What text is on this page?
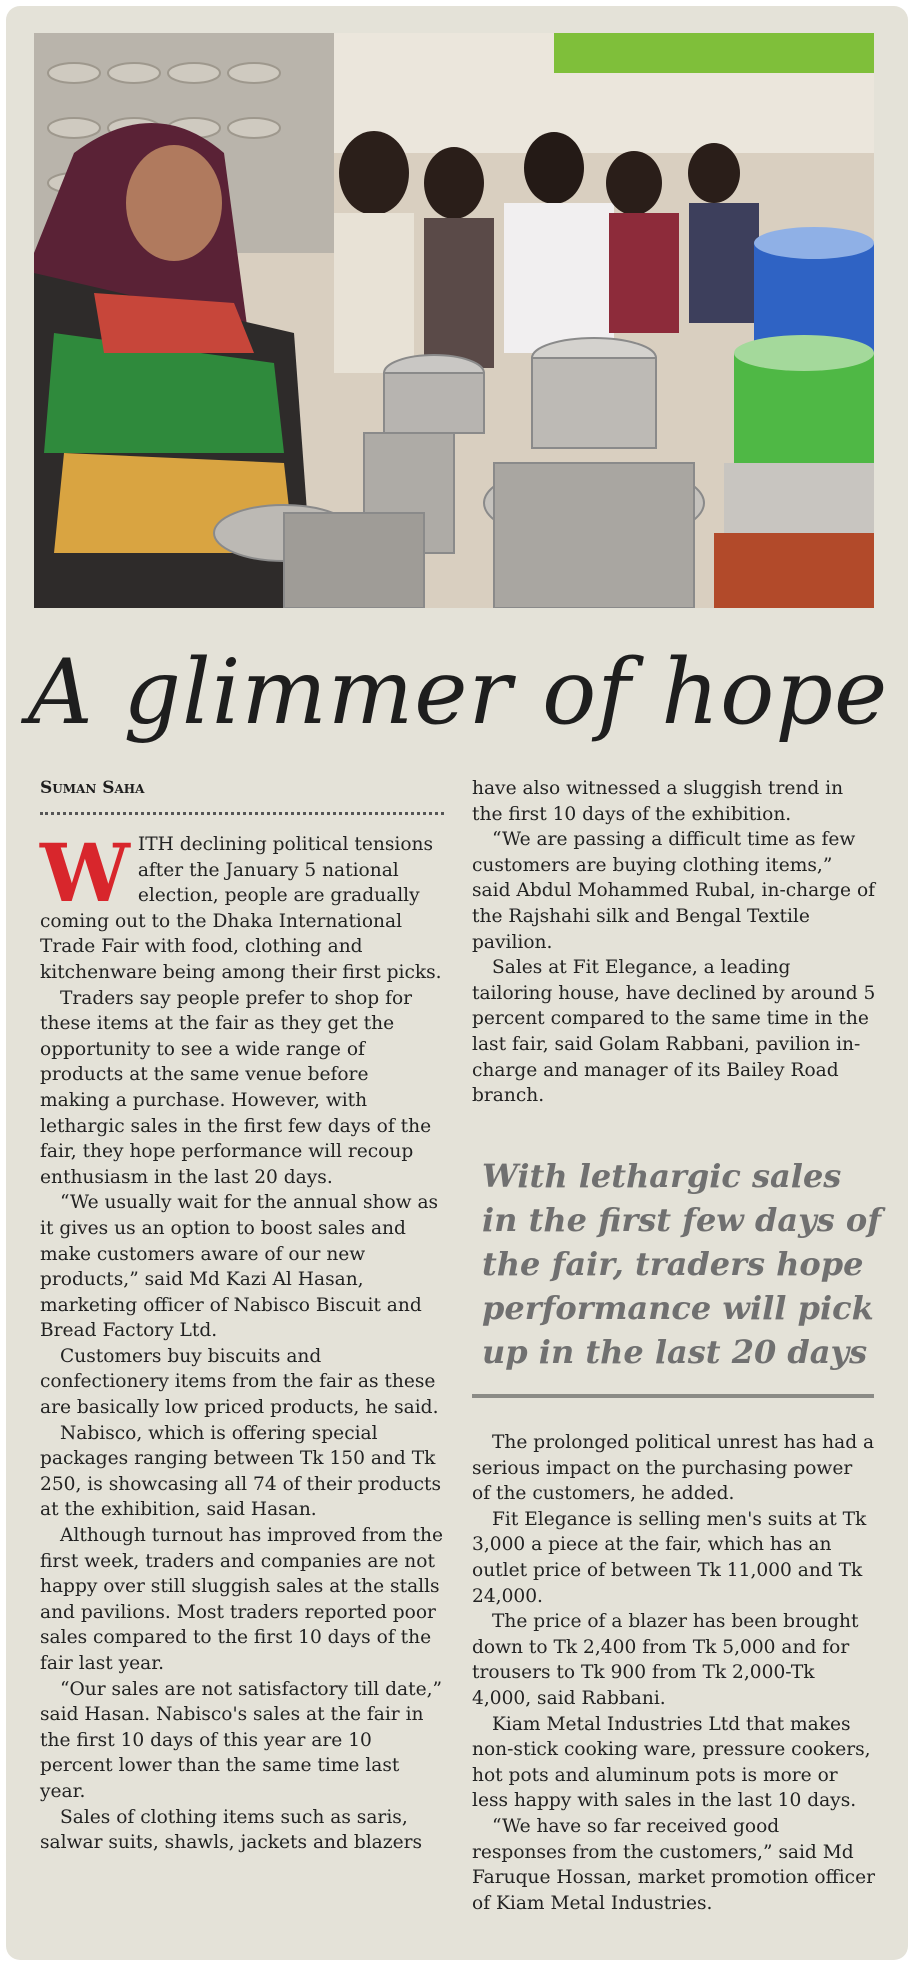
A glimmer of hope
Suman Saha

WITH declining political tensions after the January 5 national election, people are gradually coming out to the Dhaka International Trade Fair with food, clothing and kitchenware being among their first picks.

Traders say people prefer to shop for these items at the fair as they get the opportunity to see a wide range of products at the same venue before making a purchase. However, with lethargic sales in the first few days of the fair, they hope performance will recoup enthusiasm in the last 20 days.

“We usually wait for the annual show as it gives us an option to boost sales and make customers aware of our new products,” said Md Kazi Al Hasan, marketing officer of Nabisco Biscuit and Bread Factory Ltd.

Customers buy biscuits and confectionery items from the fair as these are basically low priced products, he said.

Nabisco, which is offering special packages ranging between Tk 150 and Tk 250, is showcasing all 74 of their products at the exhibition, said Hasan.

Although turnout has improved from the first week, traders and companies are not happy over still sluggish sales at the stalls and pavilions. Most traders reported poor sales compared to the first 10 days of the fair last year.

“Our sales are not satisfactory till date,” said Hasan. Nabisco's sales at the fair in the first 10 days of this year are 10 percent lower than the same time last year.

Sales of clothing items such as saris, salwar suits, shawls, jackets and blazers

have also witnessed a sluggish trend in the first 10 days of the exhibition.

“We are passing a difficult time as few customers are buying clothing items,” said Abdul Mohammed Rubal, in-charge of the Rajshahi silk and Bengal Textile pavilion.

Sales at Fit Elegance, a leading tailoring house, have declined by around 5 percent compared to the same time in the last fair, said Golam Rabbani, pavilion in-charge and manager of its Bailey Road branch.

With lethargic sales in the first few days of the fair, traders hope performance will pick up in the last 20 days

The prolonged political unrest has had a serious impact on the purchasing power of the customers, he added.

Fit Elegance is selling men's suits at Tk 3,000 a piece at the fair, which has an outlet price of between Tk 11,000 and Tk 24,000.

The price of a blazer has been brought down to Tk 2,400 from Tk 5,000 and for trousers to Tk 900 from Tk 2,000-Tk 4,000, said Rabbani.

Kiam Metal Industries Ltd that makes non-stick cooking ware, pressure cookers, hot pots and aluminum pots is more or less happy with sales in the last 10 days.

“We have so far received good responses from the customers,” said Md Faruque Hossan, market promotion officer of Kiam Metal Industries.
